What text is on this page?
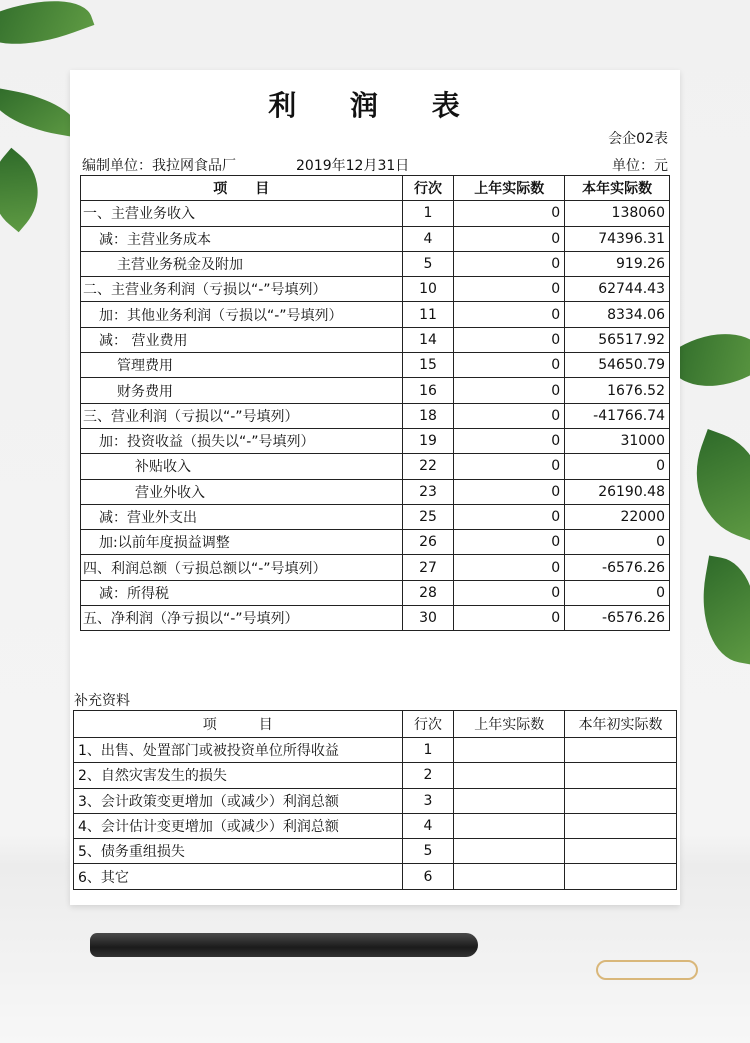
利 润 表
会企02表
编制单位：我拉网食品厂	2019年12月31日	单位：元
项　　目	行次	上年实际数	本年实际数
一、主营业务收入	1	0	138060
减：主营业务成本	4	0	74396.31
主营业务税金及附加	5	0	919.26
二、主营业务利润（亏损以“-”号填列）	10	0	62744.43
加：其他业务利润（亏损以“-”号填列）	11	0	8334.06
减： 营业费用	14	0	56517.92
管理费用	15	0	54650.79
财务费用	16	0	1676.52
三、营业利润（亏损以“-”号填列）	18	0	-41766.74
加：投资收益（损失以“-”号填列）	19	0	31000
补贴收入	22	0	0
营业外收入	23	0	26190.48
减：营业外支出	25	0	22000
加:以前年度损益调整	26	0	0
四、利润总额（亏损总额以“-”号填列）	27	0	-6576.26
减：所得税	28	0	0
五、净利润（净亏损以“-”号填列）	30	0	-6576.26
补充资料
项　　　目	行次	上年实际数	本年初实际数
1、出售、处置部门或被投资单位所得收益	1		
2、自然灾害发生的损失	2		
3、会计政策变更增加（或减少）利润总额	3		
4、会计估计变更增加（或减少）利润总额	4		
5、债务重组损失	5		
6、其它	6		
